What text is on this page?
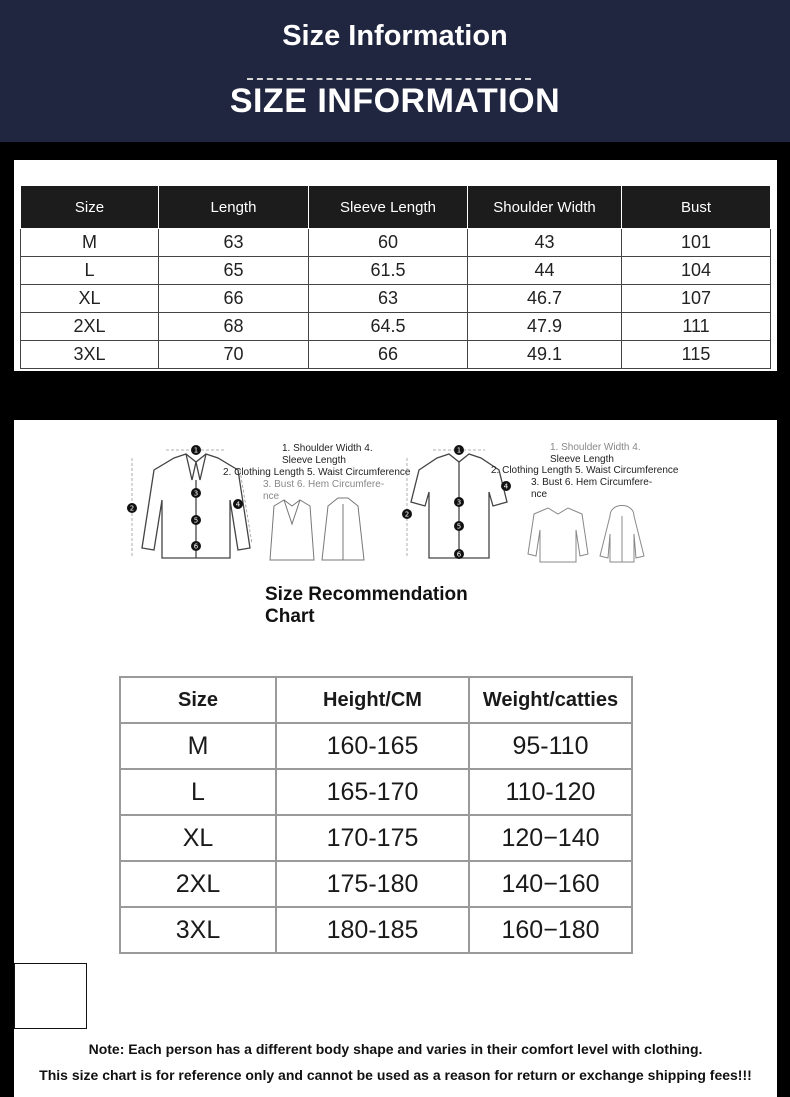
Size Information
SIZE INFORMATION
Size	Length	Sleeve Length	Shoulder Width	Bust
M	63	60	43	101
L	65	61.5	44	104
XL	66	63	46.7	107
2XL	68	64.5	47.9	111
3XL	70	66	49.1	115
1
2
3
4
5
6
1. Shoulder Width 4.
Sleeve Length
2. Clothing Length 5. Waist Circumference
3. Bust 6. Hem Circumfere-
nce
1
2
3
4
5
6
1. Shoulder Width 4.
Sleeve Length
2. Clothing Length 5. Waist Circumference
3. Bust 6. Hem Circumfere-
nce
Size Recommendation
Chart
Size	Height/CM	Weight/catties
M	160-165	95-110
L	165-170	110-120
XL	170-175	120−140
2XL	175-180	140−160
3XL	180-185	160−180
Note: Each person has a different body shape and varies in their comfort level with clothing.
This size chart is for reference only and cannot be used as a reason for return or exchange shipping fees!!!
